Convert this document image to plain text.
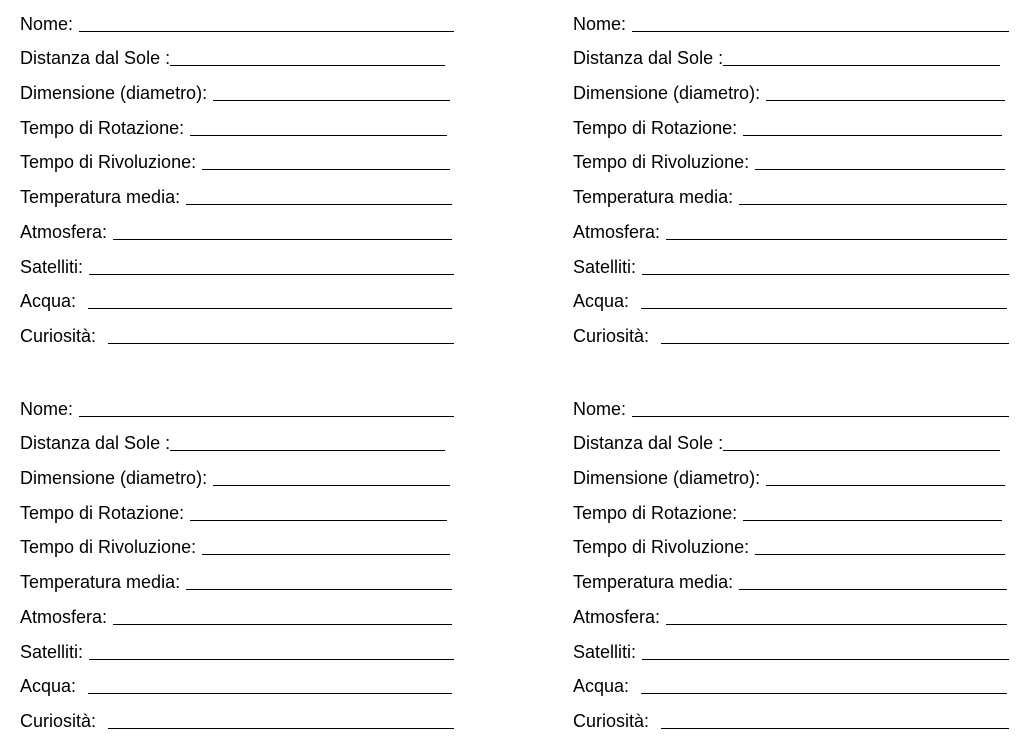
Nome:
Distanza dal Sole :
Dimensione (diametro):
Tempo di Rotazione:
Tempo di Rivoluzione:
Temperatura media:
Atmosfera:
Satelliti:
Acqua:
Curiosità:
Nome:
Distanza dal Sole :
Dimensione (diametro):
Tempo di Rotazione:
Tempo di Rivoluzione:
Temperatura media:
Atmosfera:
Satelliti:
Acqua:
Curiosità:
Nome:
Distanza dal Sole :
Dimensione (diametro):
Tempo di Rotazione:
Tempo di Rivoluzione:
Temperatura media:
Atmosfera:
Satelliti:
Acqua:
Curiosità:
Nome:
Distanza dal Sole :
Dimensione (diametro):
Tempo di Rotazione:
Tempo di Rivoluzione:
Temperatura media:
Atmosfera:
Satelliti:
Acqua:
Curiosità:
